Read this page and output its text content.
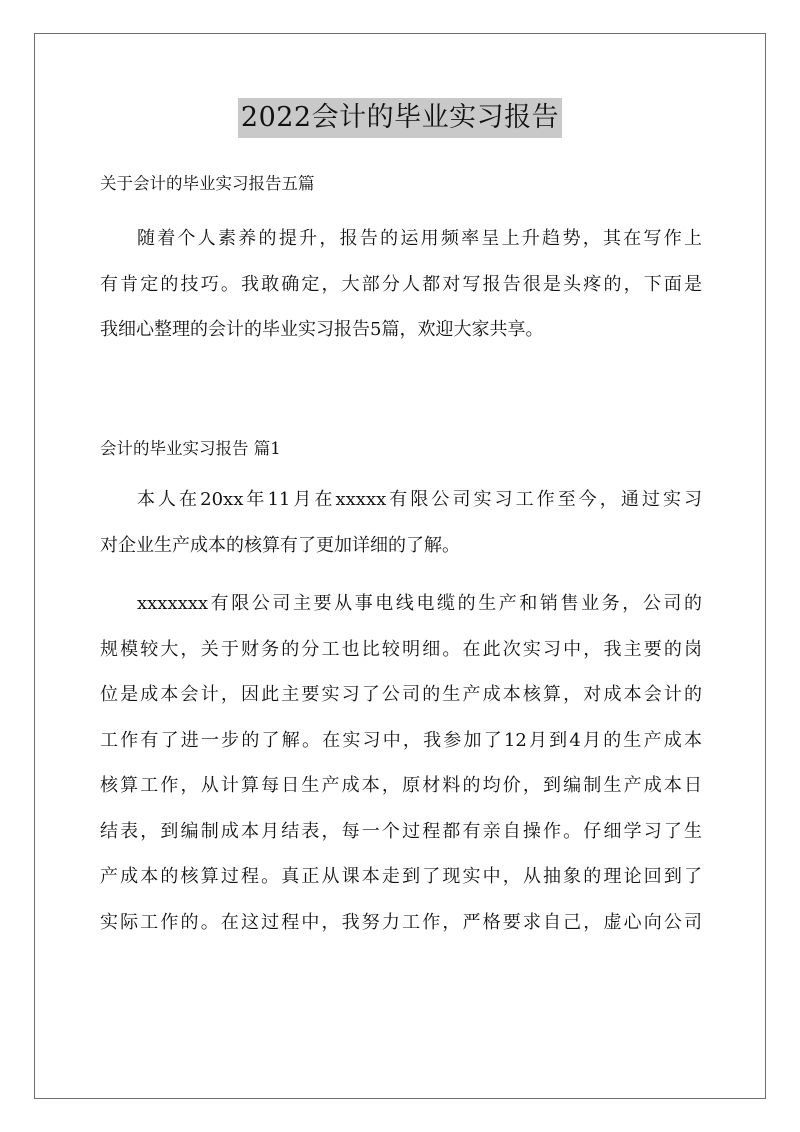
2022会计的毕业实习报告
关于会计的毕业实习报告五篇
随着个人素养的提升，报告的运用频率呈上升趋势，其在写作上
有肯定的技巧。我敢确定，大部分人都对写报告很是头疼的，下面是
我细心整理的会计的毕业实习报告5篇，欢迎大家共享。
会计的毕业实习报告 篇1
本人在20xx年11月在xxxxx有限公司实习工作至今，通过实习
对企业生产成本的核算有了更加详细的了解。
xxxxxxx有限公司主要从事电线电缆的生产和销售业务，公司的
规模较大，关于财务的分工也比较明细。在此次实习中，我主要的岗
位是成本会计，因此主要实习了公司的生产成本核算，对成本会计的
工作有了进一步的了解。在实习中，我参加了12月到4月的生产成本
核算工作，从计算每日生产成本，原材料的均价，到编制生产成本日
结表，到编制成本月结表，每一个过程都有亲自操作。仔细学习了生
产成本的核算过程。真正从课本走到了现实中，从抽象的理论回到了
实际工作的。在这过程中，我努力工作，严格要求自己，虚心向公司
